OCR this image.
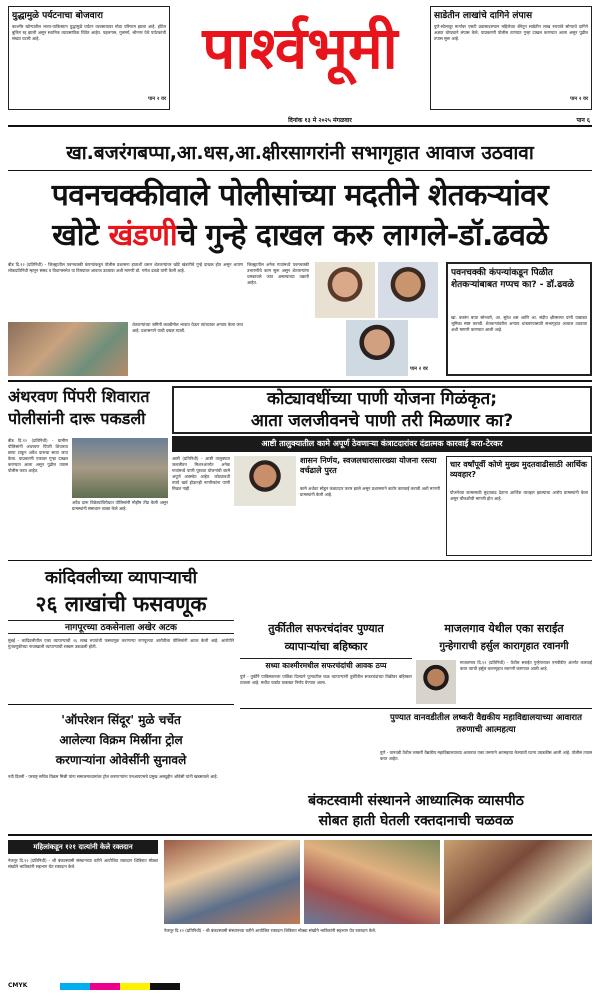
युद्धामुळे पर्यटनाचा बोजवारा
काश्मीर खोऱ्यातील भारत-पाकिस्तान युद्धामुळे पर्यटन व्यवसायावर मोठा परिणाम झाला आहे. हॉटेल बुकिंग रद्द झाली असून स्थानिक व्यावसायिक चिंतेत आहेत. पहलगाम, गुलमर्ग, श्रीनगर येथे पर्यटकांची संख्या घटली आहे.
पान २ वर
पार्श्वभूमी	साडेतीन लाखांचे दागिने लंपास
पुणे-सोलापूर मार्गावर एसटी प्रवासादरम्यान महिलेच्या बॅगेतून साडेतीन लाख रुपयांचे सोन्याचे दागिने अज्ञात चोरट्याने लंपास केले. याप्रकरणी पोलीस ठाण्यात गुन्हा दाखल करण्यात आला असून पुढील तपास सुरू आहे.
पान २ वर
दिनांक १३ मे २०२५ मंगळवार	पान ६
खा.बजरंगबप्पा,आ.धस,आ.क्षीरसागरांनी सभागृहात आवाज उठवावा
पवनचक्कीवाले पोलीसांच्या मदतीने शेतकऱ्यांवर
खोटे खंडणीचे गुन्हे दाखल करु लागले-डॉ.ढवळे
बीड दि.१२ (प्रतिनिधी) - जिल्ह्यातील पवनचक्की कंपन्यांकडून पोलीस प्रशासना हाताशी धरून शेतकऱ्यांवर खोटे खंडणीचे गुन्हे दाखल होत असून आपण लोकप्रतिनिधी म्हणून संसद व विधानसभेत या विषयावर आवाज उठवावा अशी मागणी डॉ. गणेश ढवळे यांनी केली आहे.
शेतकऱ्यांच्या जमिनी कवडीमोल भावात घेऊन त्यांच्यावर अन्याय केला जात आहे. प्रशासनाने याची दखल घ्यावी.
जिल्ह्यातील अनेक गावांमध्ये पवनचक्की उभारणीचे काम सुरू असून शेतकऱ्यांना धमकावले जात असल्याच्या तक्रारी आहेत.
पान २ वर
पवनचक्की कंपन्यांकडून पिळीत शेतकऱ्यांबाबत गप्पच का? - डॉ.ढवळे
खा. बजरंग बप्पा सोनवणे, आ. सुरेश धस आणि आ. संदीप क्षीरसागर यांनी याबाबत भूमिका स्पष्ट करावी. शेतकऱ्यांवरील अन्याय थांबवण्यासाठी सभागृहात आवाज उठवावा अशी मागणी करण्यात आली आहे.
अंथरवण पिंपरी शिवारात पोलीसांनी दारू पकडली
बीड दि.१२ (प्रतिनिधी) - ग्रामीण पोलिसांनी अंथरवण पिंपरी शिवारात छापा टाकून अवैध दारूचा साठा जप्त केला. याप्रकरणी एकावर गुन्हा दाखल करण्यात आला असून पुढील तपास पोलीस करत आहेत.
अवैध दारू विक्रेत्यांविरोधात पोलिसांनी मोहीम तीव्र केली असून ग्रामस्थांनी समाधान व्यक्त केले आहे.
कोट्यावधींच्या पाणी योजना गिळंकृत;
आता जलजीवनचे पाणी तरी मिळणार का?
आष्टी तालुक्यातील कामे अपूर्ण ठेवणाऱ्या कंत्राटदारांवर दंडात्मक कारवाई करा-टेरकर
आष्टी (प्रतिनिधी) - आष्टी तालुक्यात जलजीवन मिशनअंतर्गत अनेक गावांमध्ये पाणी पुरवठा योजनांची कामे अपूर्ण अवस्थेत आहेत. कोट्यावधी रुपये खर्च होऊनही नागरिकांना पाणी मिळत नाही.
शासन निर्णय, स्वजलधारासारख्या योजना रस्त्या वर्चढाले पुरत
कामे अर्धवट सोडून कंत्राटदार फरार झाले असून प्रशासनाने कठोर कारवाई करावी अशी मागणी ग्रामस्थांनी केली आहे.
चार वर्षांपूर्वी कोणे मुख्य मुदतवाढीसाठी आर्थिक व्यवहार?
योजनेच्या कामासाठी मुदतवाढ देताना आर्थिक व्यवहार झाल्याचा आरोप ग्रामस्थांनी केला असून चौकशीची मागणी होत आहे.
कांदिवलीच्या व्यापाऱ्याची
२६ लाखांची फसवणूक
नागपूरच्या ठकसेनाला अखेर अटक
मुंबई - कांदिवलीतील एका व्यापाऱ्याची २६ लाख रुपयांची फसवणूक करणाऱ्या नागपूरच्या आरोपीला पोलिसांनी अटक केली आहे. आरोपीने गुंतवणुकीच्या नावाखाली व्यापाऱ्याची रक्कम उकळली होती.
तुर्कीतील सफरचंदांवर पुण्यात
व्यापाऱ्यांचा बहिष्कार
सध्या काश्मीरमधील सफरचंदांची आवक ठप्प
पुणे - तुर्कीने पाकिस्तानला पाठिंबा दिल्याने पुण्यातील फळ व्यापाऱ्यांनी तुर्कीतील सफरचंदांच्या विक्रीवर बहिष्कार टाकला आहे. मार्केट यार्डात याबाबत निर्णय घेण्यात आला.
माजलगाव येथील एका सराईत
गुन्हेगाराची हर्सुल कारागृहात रवानगी
माजलगाव दि.१२ (प्रतिनिधी) - येथील सराईत गुन्हेगारावर एमपीडीए अंतर्गत कारवाई करत त्याची हर्सुल कारागृहात रवानगी करण्यात आली आहे.
पुण्यात वानवडीतील लष्करी वैद्यकीय महाविद्यालयाच्या आवारात तरुणाची आत्महत्या
पुणे - वानवडी येथील लष्करी वैद्यकीय महाविद्यालयाच्या आवारात एका तरुणाने आत्महत्या केल्याची घटना उघडकीस आली आहे. पोलीस तपास करत आहेत.
'ऑपरेशन सिंदूर' मुळे चर्चेत
आलेल्या विक्रम मिस्रींना ट्रोल
करणाऱ्यांना ओवेसींनी सुनावले
नवी दिल्ली - परराष्ट्र सचिव विक्रम मिस्री यांना समाजमाध्यमांवर ट्रोल करणाऱ्यांना एमआयएमचे प्रमुख असदुद्दीन ओवेसी यांनी खडसावले आहे.
बंकटस्वामी संस्थानने आध्यात्मिक व्यासपीठ
सोबत हाती घेतली रक्तदानाची चळवळ
महिलांकडून १२१ दात्यांनी केले रक्तदान
नेकनूर दि.१२ (प्रतिनिधी) - श्री बंकटस्वामी संस्थानच्या वतीने आयोजित रक्तदान शिबिरात मोठ्या संख्येने भाविकांनी सहभाग घेत रक्तदान केले.
नेकनूर दि.१२ (प्रतिनिधी) - श्री बंकटस्वामी संस्थानच्या वतीने आयोजित रक्तदान शिबिरात मोठ्या संख्येने भाविकांनी सहभाग घेत रक्तदान केले.
CMYK
